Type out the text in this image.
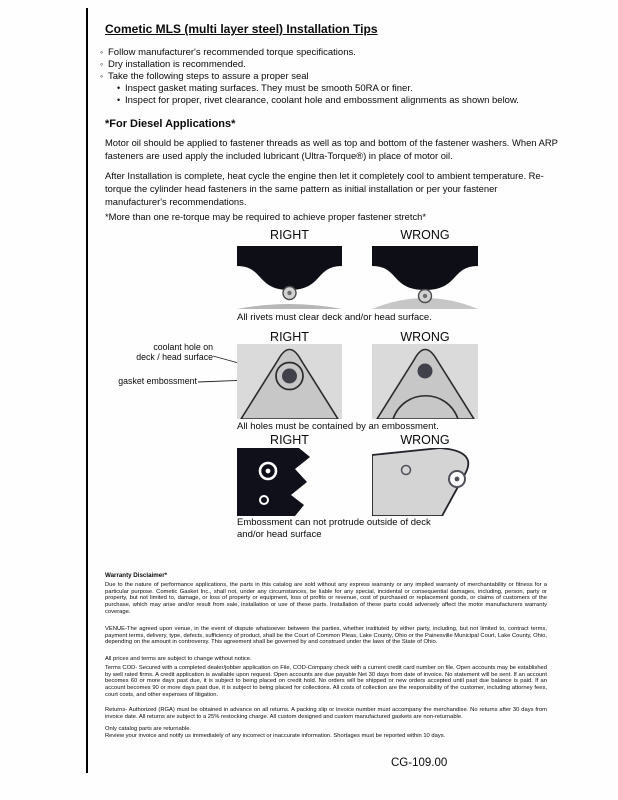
Cometic MLS (multi layer steel) Installation Tips
◦ Follow manufacturer's recommended torque specifications.
◦ Dry installation is recommended.
◦ Take the following steps to assure a proper seal
• Inspect gasket mating surfaces. They must be smooth 50RA or finer.
• Inspect for proper, rivet clearance, coolant hole and embossment alignments as shown below.
*For Diesel Applications*
Motor oil should be applied to fastener threads as well as top and bottom of the fastener washers. When ARP fasteners are used apply the included lubricant (Ultra-Torque®) in place of motor oil.
After Installation is complete, heat cycle the engine then let it completely cool to ambient temperature. Re-torque the cylinder head fasteners in the same pattern as initial installation or per your fastener manufacturer's recommendations.
*More than one re-torque may be required to achieve proper fastener stretch*
RIGHT	WRONG
All rivets must clear deck and/or head surface.
RIGHT	WRONG
coolant hole on
deck / head surface
gasket embossment
All holes must be contained by an embossment.
RIGHT	WRONG
Embossment can not protrude outside of deck
and/or head surface
Warranty Disclaimer*
Due to the nature of performance applications, the parts in this catalog are sold without any express warranty or any implied warranty of merchantability or fitness for a particular purpose. Cometic Gasket Inc., shall not, under any circumstances, be liable for any special, incidental or consequential damages, including, person, party or property, but not limited to, damage, or loss of property or equipment, loss of profits or revenue, cost of purchased or replacement goods, or claims of customers of the purchase, which may arise and/or result from sale, installation or use of these parts. Installation of these parts could adversely affect the motor manufacturers warranty coverage.
VENUE-The agreed upon venue, in the event of dispute whatsoever between the parties, whether instituted by either party, including, but not limited to, contract terms, payment terms, delivery, type, defects, sufficiency of product, shall be the Court of Common Pleas, Lake County, Ohio or the Painesville Municipal Court, Lake County, Ohio, depending on the amount in controversy. This agreement shall be governed by and construed under the laws of the State of Ohio.
All prices and terms are subject to change without notice.
Terms COD- Secured with a completed dealer/jobber application on File, COD-Company check with a current credit card number on file. Open accounts may be established by well rated firms. A credit application is available upon request. Open accounts are due payable Net 30 days from date of invoice. No statement will be sent. If an account becomes 60 or more days past due, it is subject to being placed on credit hold. No orders will be shipped or new orders accepted until past due balance is paid. If an account becomes 90 or more days past due, it is subject to being placed for collections. All costs of collection are the responsibility of the customer, including attorney fees, court costs, and other expenses of litigation.
Returns- Authorized (RGA) must be obtained in advance on all returns. A packing slip or invoice number must accompany the merchandise. No returns after 30 days from invoice date. All returns are subject to a 25% restocking charge. All custom designed and custom manufactured gaskets are non-returnable.
Only catalog parts are returnable.
Review your invoice and notify us immediately of any incorrect or inaccurate information. Shortages must be reported within 10 days.
CG-109.00
